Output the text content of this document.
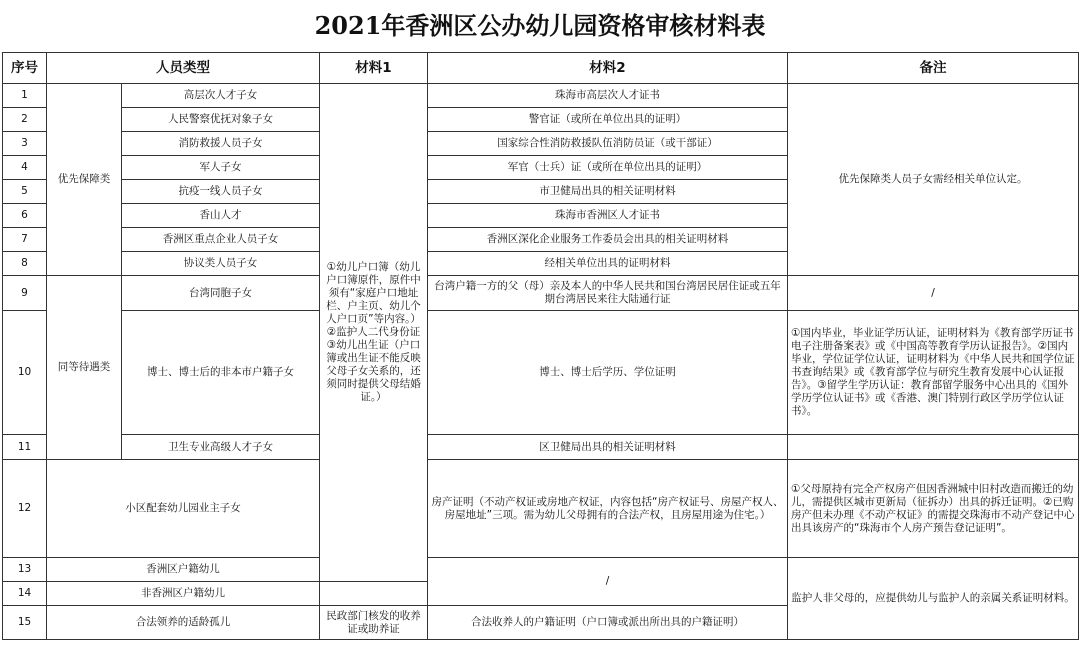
2021年香洲区公办幼儿园资格审核材料表
序号	人员类型		材料1	材料2	备注
1	优先保障类	高层次人才子女	①幼儿户口簿（幼儿户口簿原件，原件中须有“家庭户口地址栏、户主页、幼儿个人户口页”等内容。）②监护人二代身份证③幼儿出生证（户口簿或出生证不能反映父母子女关系的，还须同时提供父母结婚证。）	珠海市高层次人才证书	优先保障类人员子女需经相关单位认定。
2		人民警察优抚对象子女		警官证（或所在单位出具的证明）	
3		消防救援人员子女		国家综合性消防救援队伍消防员证（或干部证）	
4		军人子女		军官（士兵）证（或所在单位出具的证明）	
5		抗疫一线人员子女		市卫健局出具的相关证明材料	
6		香山人才		珠海市香洲区人才证书	
7		香洲区重点企业人员子女		香洲区深化企业服务工作委员会出具的相关证明材料	
8		协议类人员子女		经相关单位出具的证明材料	
9	同等待遇类	台湾同胞子女		台湾户籍一方的父（母）亲及本人的中华人民共和国台湾居民居住证或五年期台湾居民来往大陆通行证	/
10		博士、博士后的非本市户籍子女		博士、博士后学历、学位证明	①国内毕业，毕业证学历认证，证明材料为《教育部学历证书电子注册备案表》或《中国高等教育学历认证报告》。②国内毕业，学位证学位认证，证明材料为《中华人民共和国学位证书查询结果》或《教育部学位与研究生教育发展中心认证报告》。③留学生学历认证：教育部留学服务中心出具的《国外学历学位认证书》或《香港、澳门特别行政区学历学位认证书》。
11		卫生专业高级人才子女		区卫健局出具的相关证明材料	
12	小区配套幼儿园业主子女			房产证明（不动产权证或房地产权证，内容包括“房产权证号、房屋产权人、房屋地址”三项。需为幼儿父母拥有的合法产权，且房屋用途为住宅。）	①父母原持有完全产权房产但因香洲城中旧村改造而搬迁的幼儿，需提供区城市更新局（征拆办）出具的拆迁证明。②已购房产但未办理《不动产权证》的需提交珠海市不动产登记中心出具该房产的“珠海市个人房产预告登记证明”。
13	香洲区户籍幼儿			/	监护人非父母的，应提供幼儿与监护人的亲属关系证明材料。
14	非香洲区户籍幼儿				
15	合法领养的适龄孤儿		民政部门核发的收养证或助养证	合法收养人的户籍证明（户口簿或派出所出具的户籍证明）	
